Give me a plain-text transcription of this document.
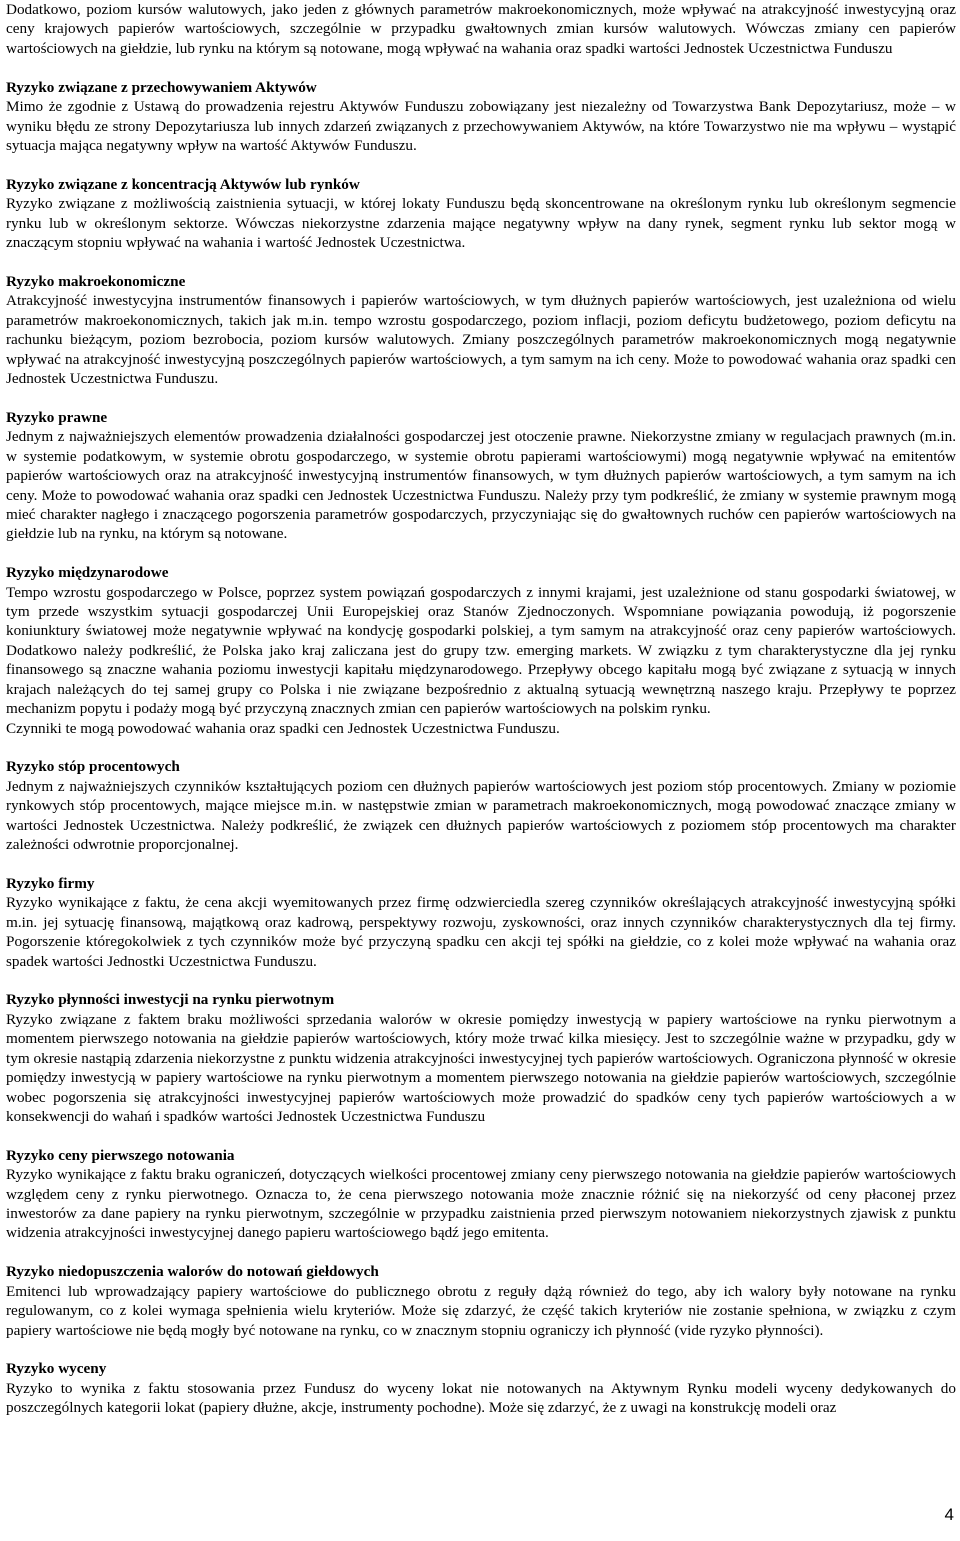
Dodatkowo, poziom kursów walutowych, jako jeden z głównych parametrów makroekonomicznych, może wpływać na atrakcyjność inwestycyjną oraz ceny krajowych papierów wartościowych, szczególnie w przypadku gwałtownych zmian kursów walutowych. Wówczas zmiany cen papierów wartościowych na giełdzie, lub rynku na którym są notowane, mogą wpływać na wahania oraz spadki wartości Jednostek Uczestnictwa Funduszu

Ryzyko związane z przechowywaniem Aktywów

Mimo że zgodnie z Ustawą do prowadzenia rejestru Aktywów Funduszu zobowiązany jest niezależny od Towarzystwa Bank Depozytariusz, może – w wyniku błędu ze strony Depozytariusza lub innych zdarzeń związanych z przechowywaniem Aktywów, na które Towarzystwo nie ma wpływu – wystąpić sytuacja mająca negatywny wpływ na wartość Aktywów Funduszu.

Ryzyko związane z koncentracją Aktywów lub rynków

Ryzyko związane z możliwością zaistnienia sytuacji, w której lokaty Funduszu będą skoncentrowane na określonym rynku lub określonym segmencie rynku lub w określonym sektorze. Wówczas niekorzystne zdarzenia mające negatywny wpływ na dany rynek, segment rynku lub sektor mogą w znaczącym stopniu wpływać na wahania i wartość Jednostek Uczestnictwa.

Ryzyko makroekonomiczne

Atrakcyjność inwestycyjna instrumentów finansowych i papierów wartościowych, w tym dłużnych papierów wartościowych, jest uzależniona od wielu parametrów makroekonomicznych, takich jak m.in. tempo wzrostu gospodarczego, poziom inflacji, poziom deficytu budżetowego, poziom deficytu na rachunku bieżącym, poziom bezrobocia, poziom kursów walutowych. Zmiany poszczególnych parametrów makroekonomicznych mogą negatywnie wpływać na atrakcyjność inwestycyjną poszczególnych papierów wartościowych, a tym samym na ich ceny. Może to powodować wahania oraz spadki cen Jednostek Uczestnictwa Funduszu.

Ryzyko prawne

Jednym z najważniejszych elementów prowadzenia działalności gospodarczej jest otoczenie prawne. Niekorzystne zmiany w regulacjach prawnych (m.in. w systemie podatkowym, w systemie obrotu gospodarczego, w systemie obrotu papierami wartościowymi) mogą negatywnie wpływać na emitentów papierów wartościowych oraz na atrakcyjność inwestycyjną instrumentów finansowych, w tym dłużnych papierów wartościowych, a tym samym na ich ceny. Może to powodować wahania oraz spadki cen Jednostek Uczestnictwa Funduszu. Należy przy tym podkreślić, że zmiany w systemie prawnym mogą mieć charakter nagłego i znaczącego pogorszenia parametrów gospodarczych, przyczyniając się do gwałtownych ruchów cen papierów wartościowych na giełdzie lub na rynku, na którym są notowane.

Ryzyko międzynarodowe

Tempo wzrostu gospodarczego w Polsce, poprzez system powiązań gospodarczych z innymi krajami, jest uzależnione od stanu gospodarki światowej, w tym przede wszystkim sytuacji gospodarczej Unii Europejskiej oraz Stanów Zjednoczonych. Wspomniane powiązania powodują, iż pogorszenie koniunktury światowej może negatywnie wpływać na kondycję gospodarki polskiej, a tym samym na atrakcyjność oraz ceny papierów wartościowych. Dodatkowo należy podkreślić, że Polska jako kraj zaliczana jest do grupy tzw. emerging markets. W związku z tym charakterystyczne dla jej rynku finansowego są znaczne wahania poziomu inwestycji kapitału międzynarodowego. Przepływy obcego kapitału mogą być związane z sytuacją w innych krajach należących do tej samej grupy co Polska i nie związane bezpośrednio z aktualną sytuacją wewnętrzną naszego kraju. Przepływy te poprzez mechanizm popytu i podaży mogą być przyczyną znacznych zmian cen papierów wartościowych na polskim rynku.

Czynniki te mogą powodować wahania oraz spadki cen Jednostek Uczestnictwa Funduszu.

Ryzyko stóp procentowych

Jednym z najważniejszych czynników kształtujących poziom cen dłużnych papierów wartościowych jest poziom stóp procentowych. Zmiany w poziomie rynkowych stóp procentowych, mające miejsce m.in. w następstwie zmian w parametrach makroekonomicznych, mogą powodować znaczące zmiany w wartości Jednostek Uczestnictwa. Należy podkreślić, że związek cen dłużnych papierów wartościowych z poziomem stóp procentowych ma charakter zależności odwrotnie proporcjonalnej.

Ryzyko firmy

Ryzyko wynikające z faktu, że cena akcji wyemitowanych przez firmę odzwierciedla szereg czynników określających atrakcyjność inwestycyjną spółki m.in. jej sytuację finansową, majątkową oraz kadrową, perspektywy rozwoju, zyskowności, oraz innych czynników charakterystycznych dla tej firmy. Pogorszenie któregokolwiek z tych czynników może być przyczyną spadku cen akcji tej spółki na giełdzie, co z kolei może wpływać na wahania oraz spadek wartości Jednostki Uczestnictwa Funduszu.

Ryzyko płynności inwestycji na rynku pierwotnym

Ryzyko związane z faktem braku możliwości sprzedania walorów w okresie pomiędzy inwestycją w papiery wartościowe na rynku pierwotnym a momentem pierwszego notowania na giełdzie papierów wartościowych, który może trwać kilka miesięcy. Jest to szczególnie ważne w przypadku, gdy w tym okresie nastąpią zdarzenia niekorzystne z punktu widzenia atrakcyjności inwestycyjnej tych papierów wartościowych. Ograniczona płynność w okresie pomiędzy inwestycją w papiery wartościowe na rynku pierwotnym a momentem pierwszego notowania na giełdzie papierów wartościowych, szczególnie wobec pogorszenia się atrakcyjności inwestycyjnej papierów wartościowych może prowadzić do spadków ceny tych papierów wartościowych a w konsekwencji do wahań i spadków wartości Jednostek Uczestnictwa Funduszu

Ryzyko ceny pierwszego notowania

Ryzyko wynikające z faktu braku ograniczeń, dotyczących wielkości procentowej zmiany ceny pierwszego notowania na giełdzie papierów wartościowych względem ceny z rynku pierwotnego. Oznacza to, że cena pierwszego notowania może znacznie różnić się na niekorzyść od ceny płaconej przez inwestorów za dane papiery na rynku pierwotnym, szczególnie w przypadku zaistnienia przed pierwszym notowaniem niekorzystnych zjawisk z punktu widzenia atrakcyjności inwestycyjnej danego papieru wartościowego bądź jego emitenta.

Ryzyko niedopuszczenia walorów do notowań giełdowych

Emitenci lub wprowadzający papiery wartościowe do publicznego obrotu z reguły dążą również do tego, aby ich walory były notowane na rynku regulowanym, co z kolei wymaga spełnienia wielu kryteriów. Może się zdarzyć, że część takich kryteriów nie zostanie spełniona, w związku z czym papiery wartościowe nie będą mogły być notowane na rynku, co w znacznym stopniu ograniczy ich płynność (vide ryzyko płynności).

Ryzyko wyceny

Ryzyko to wynika z faktu stosowania przez Fundusz do wyceny lokat nie notowanych na Aktywnym Rynku modeli wyceny dedykowanych do poszczególnych kategorii lokat (papiery dłużne, akcje, instrumenty pochodne). Może się zdarzyć, że z uwagi na konstrukcję modeli oraz

4
